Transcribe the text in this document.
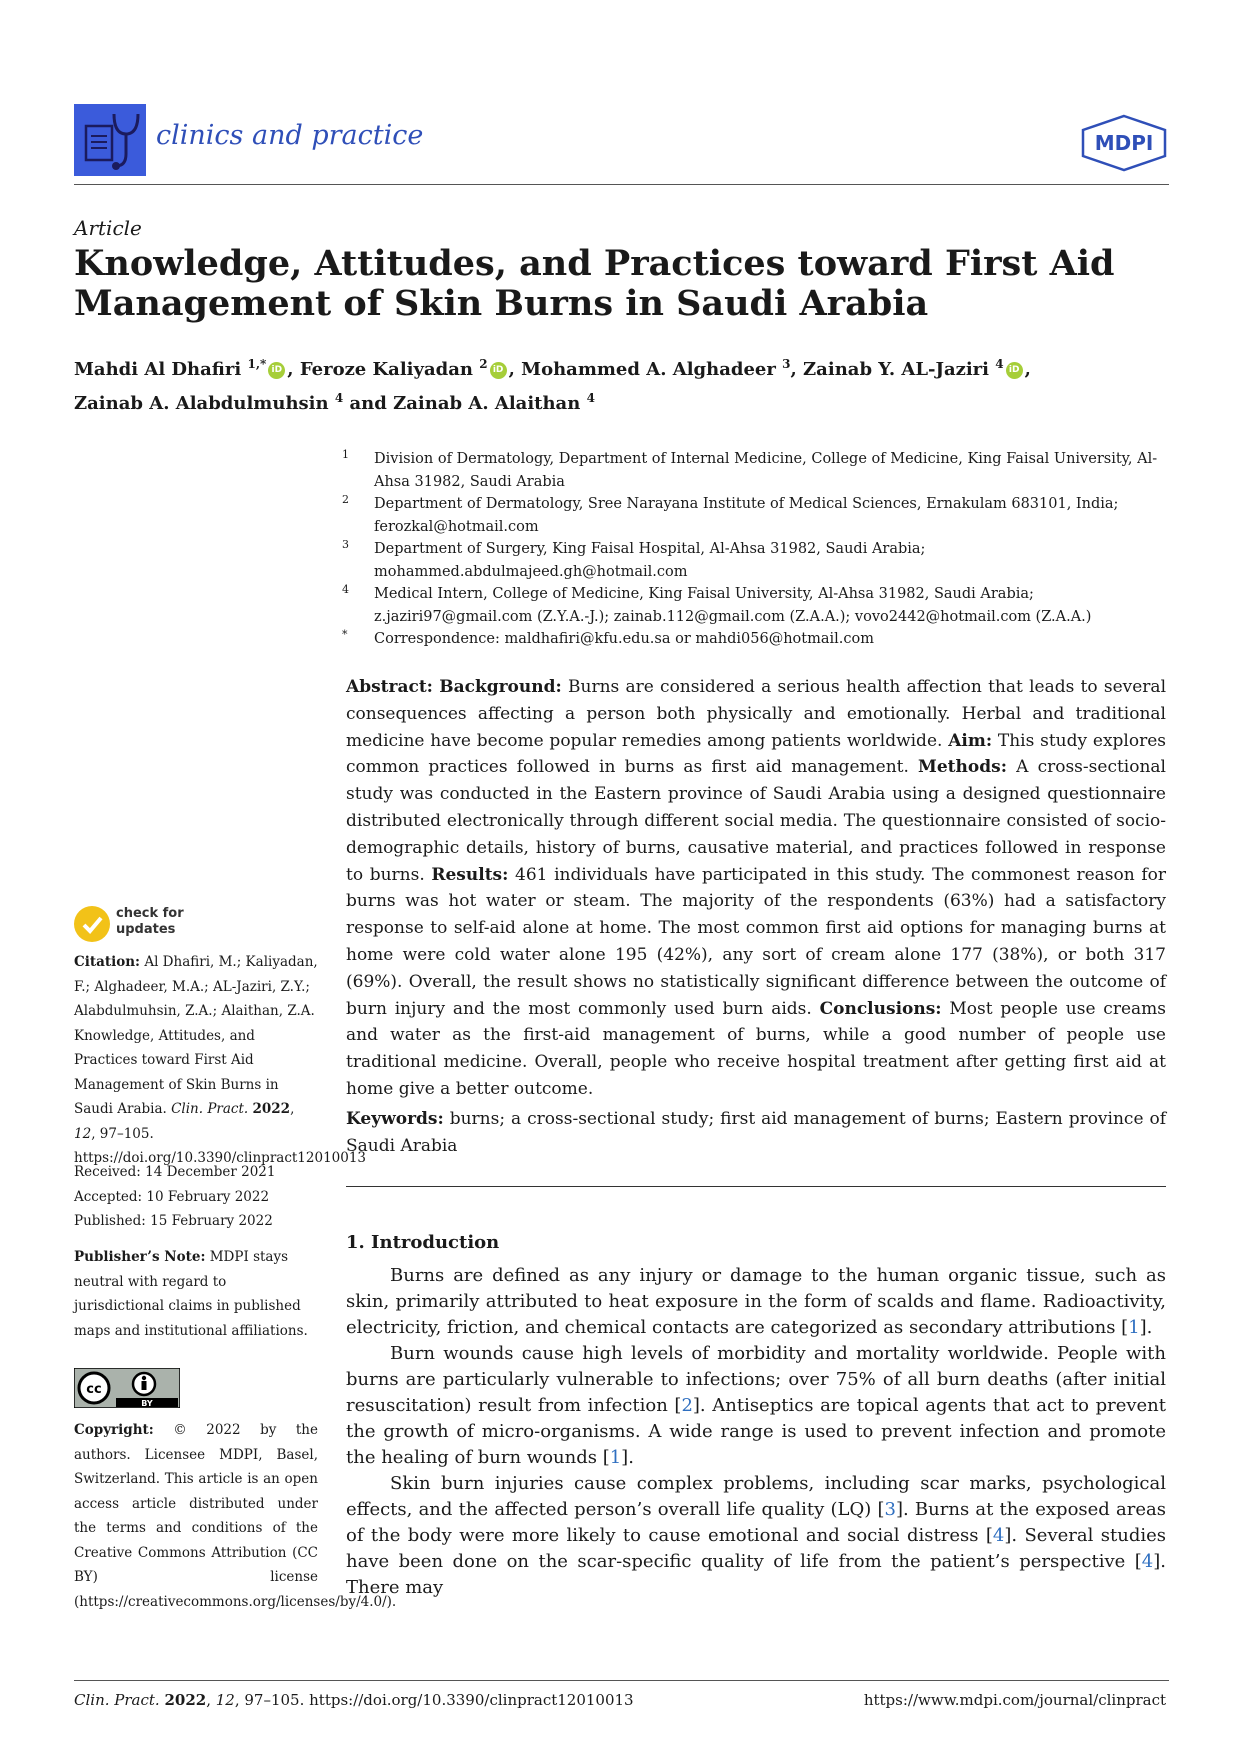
clinics and practice	MDPI
Article
Knowledge, Attitudes, and Practices toward First Aid Management of Skin Burns in Saudi Arabia
Mahdi Al Dhafiri $^{1,*}$ iD , Feroze Kaliyadan $^2$ iD , Mohammed A. Alghadeer $^3$, Zainab Y. AL-Jaziri $^4$ iD ,
Zainab A. Alabdulmuhsin $^4$ and Zainab A. Alaithan $^4$
1 Division of Dermatology, Department of Internal Medicine, College of Medicine, King Faisal University, Al-Ahsa 31982, Saudi Arabia
2 Department of Dermatology, Sree Narayana Institute of Medical Sciences, Ernakulam 683101, India; ferozkal@hotmail.com
3 Department of Surgery, King Faisal Hospital, Al-Ahsa 31982, Saudi Arabia; mohammed.abdulmajeed.gh@hotmail.com
4 Medical Intern, College of Medicine, King Faisal University, Al-Ahsa 31982, Saudi Arabia; z.jaziri97@gmail.com (Z.Y.A.-J.); zainab.112@gmail.com (Z.A.A.); vovo2442@hotmail.com (Z.A.A.)
* Correspondence: maldhafiri@kfu.edu.sa or mahdi056@hotmail.com
Abstract: Background: Burns are considered a serious health affection that leads to several consequences affecting a person both physically and emotionally. Herbal and traditional medicine have become popular remedies among patients worldwide. Aim: This study explores common practices followed in burns as first aid management. Methods: A cross-sectional study was conducted in the Eastern province of Saudi Arabia using a designed questionnaire distributed electronically through different social media. The questionnaire consisted of socio-demographic details, history of burns, causative material, and practices followed in response to burns. Results: 461 individuals have participated in this study. The commonest reason for burns was hot water or steam. The majority of the respondents (63%) had a satisfactory response to self-aid alone at home. The most common first aid options for managing burns at home were cold water alone 195 (42%), any sort of cream alone 177 (38%), or both 317 (69%). Overall, the result shows no statistically significant difference between the outcome of burn injury and the most commonly used burn aids. Conclusions: Most people use creams and water as the first-aid management of burns, while a good number of people use traditional medicine. Overall, people who receive hospital treatment after getting first aid at home give a better outcome.
Keywords: burns; a cross-sectional study; first aid management of burns; Eastern province of Saudi Arabia
1. Introduction

Burns are defined as any injury or damage to the human organic tissue, such as skin, primarily attributed to heat exposure in the form of scalds and flame. Radioactivity, electricity, friction, and chemical contacts are categorized as secondary attributions [1].

Burn wounds cause high levels of morbidity and mortality worldwide. People with burns are particularly vulnerable to infections; over 75% of all burn deaths (after initial resuscitation) result from infection [2]. Antiseptics are topical agents that act to prevent the growth of micro-organisms. A wide range is used to prevent infection and promote the healing of burn wounds [1].

Skin burn injuries cause complex problems, including scar marks, psychological effects, and the affected person’s overall life quality (LQ) [3]. Burns at the exposed areas of the body were more likely to cause emotional and social distress [4]. Several studies have been done on the scar-specific quality of life from the patient’s perspective [4]. There may

check for
updates
Citation: Al Dhafiri, M.; Kaliyadan, F.; Alghadeer, M.A.; AL-Jaziri, Z.Y.; Alabdulmuhsin, Z.A.; Alaithan, Z.A. Knowledge, Attitudes, and Practices toward First Aid Management of Skin Burns in Saudi Arabia. Clin. Pract. 2022, 12, 97–105. https://doi.org/10.3390/clinpract12010013
Received: 14 December 2021
Accepted: 10 February 2022
Published: 15 February 2022
Publisher’s Note: MDPI stays neutral with regard to jurisdictional claims in published maps and institutional affiliations.
cc
BY
Copyright: © 2022 by the authors. Licensee MDPI, Basel, Switzerland. This article is an open access article distributed under the terms and conditions of the Creative Commons Attribution (CC BY) license (https://creativecommons.org/licenses/by/4.0/).
Clin. Pract. 2022, 12, 97–105. https://doi.org/10.3390/clinpract12010013	https://www.mdpi.com/journal/clinpract
